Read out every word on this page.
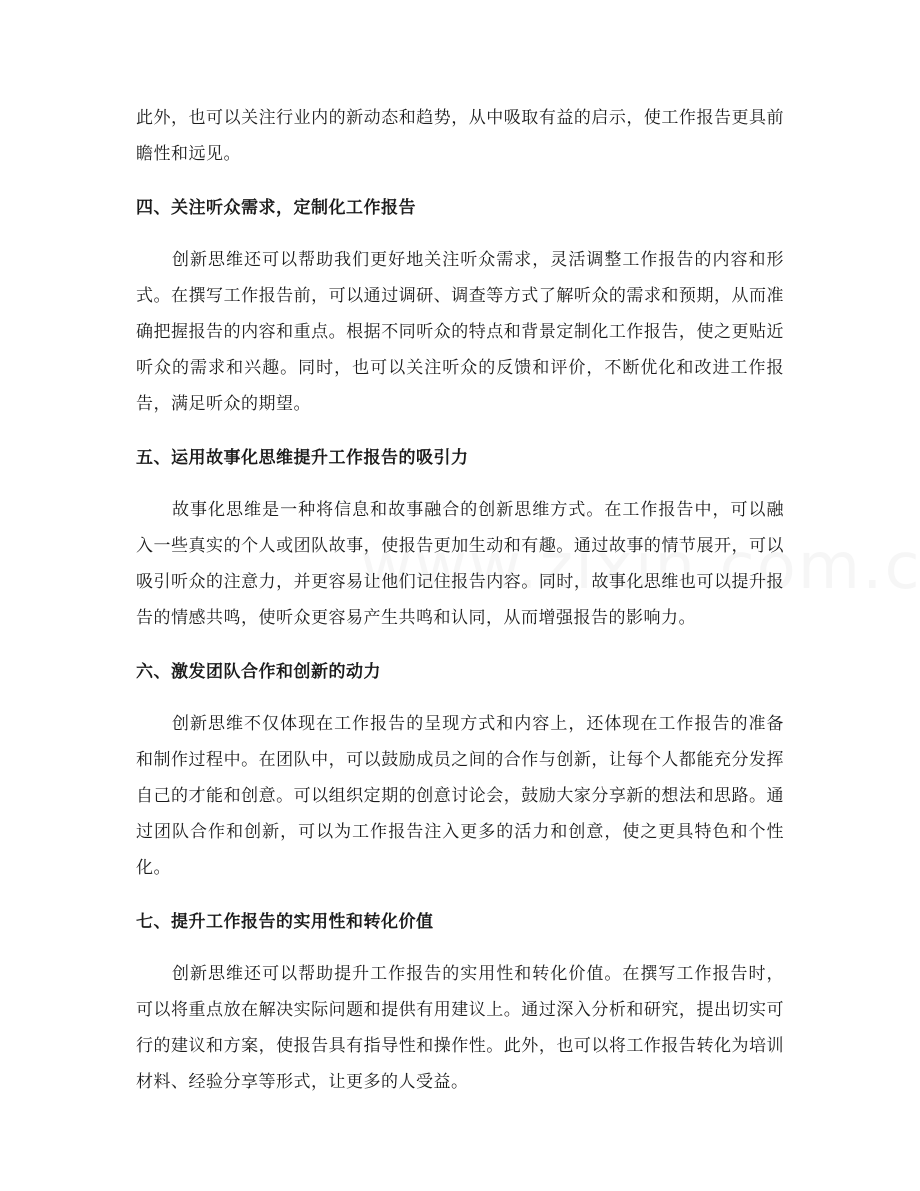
此外，也可以关注行业内的新动态和趋势，从中吸取有益的启示，使工作报告更具前瞻性和远见。

四、关注听众需求，定制化工作报告

创新思维还可以帮助我们更好地关注听众需求，灵活调整工作报告的内容和形式。在撰写工作报告前，可以通过调研、调查等方式了解听众的需求和预期，从而准确把握报告的内容和重点。根据不同听众的特点和背景定制化工作报告，使之更贴近听众的需求和兴趣。同时，也可以关注听众的反馈和评价，不断优化和改进工作报告，满足听众的期望。

五、运用故事化思维提升工作报告的吸引力

故事化思维是一种将信息和故事融合的创新思维方式。在工作报告中，可以融入一些真实的个人或团队故事，使报告更加生动和有趣。通过故事的情节展开，可以吸引听众的注意力，并更容易让他们记住报告内容。同时，故事化思维也可以提升报告的情感共鸣，使听众更容易产生共鸣和认同，从而增强报告的影响力。

六、激发团队合作和创新的动力

创新思维不仅体现在工作报告的呈现方式和内容上，还体现在工作报告的准备和制作过程中。在团队中，可以鼓励成员之间的合作与创新，让每个人都能充分发挥自己的才能和创意。可以组织定期的创意讨论会，鼓励大家分享新的想法和思路。通过团队合作和创新，可以为工作报告注入更多的活力和创意，使之更具特色和个性化。

七、提升工作报告的实用性和转化价值

创新思维还可以帮助提升工作报告的实用性和转化价值。在撰写工作报告时，可以将重点放在解决实际问题和提供有用建议上。通过深入分析和研究，提出切实可行的建议和方案，使报告具有指导性和操作性。此外，也可以将工作报告转化为培训材料、经验分享等形式，让更多的人受益。
